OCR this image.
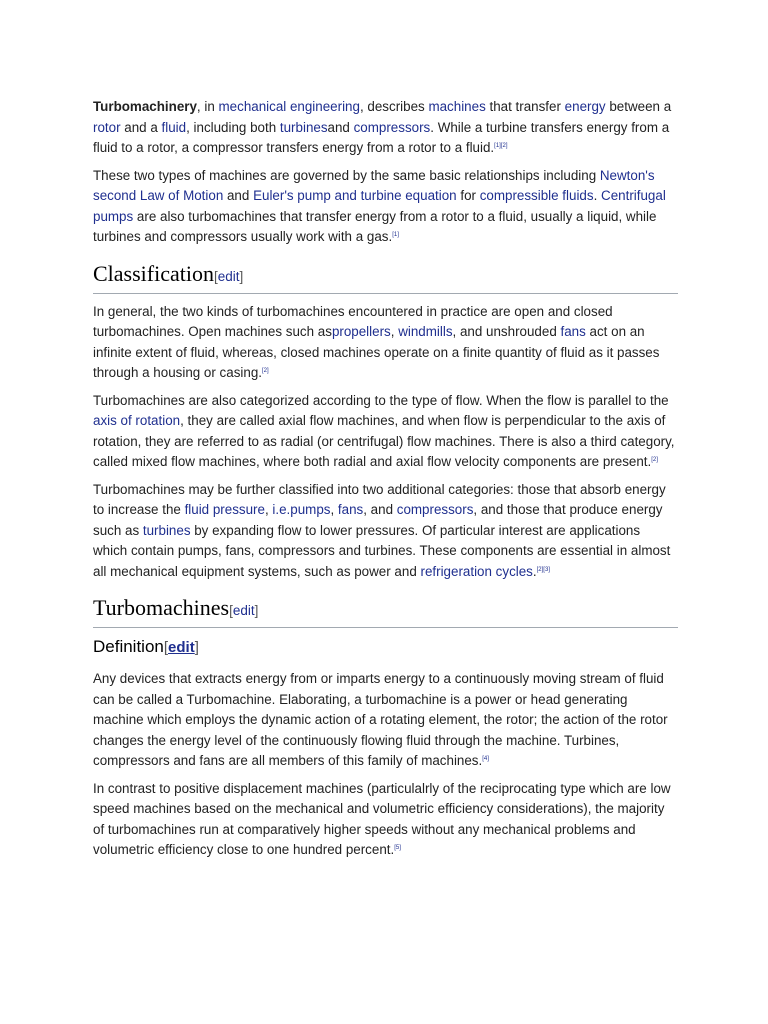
Turbomachinery, in mechanical engineering, describes machines that transfer energy between a rotor and a fluid, including both turbinesand compressors. While a turbine transfers energy from a fluid to a rotor, a compressor transfers energy from a rotor to a fluid.[1][2]

These two types of machines are governed by the same basic relationships including Newton's second Law of Motion and Euler's pump and turbine equation for compressible fluids. Centrifugal pumps are also turbomachines that transfer energy from a rotor to a fluid, usually a liquid, while turbines and compressors usually work with a gas.[1]

Classification[edit]

In general, the two kinds of turbomachines encountered in practice are open and closed turbomachines. Open machines such aspropellers, windmills, and unshrouded fans act on an infinite extent of fluid, whereas, closed machines operate on a finite quantity of fluid as it passes through a housing or casing.[2]

Turbomachines are also categorized according to the type of flow. When the flow is parallel to the axis of rotation, they are called axial flow machines, and when flow is perpendicular to the axis of rotation, they are referred to as radial (or centrifugal) flow machines. There is also a third category, called mixed flow machines, where both radial and axial flow velocity components are present.[2]

Turbomachines may be further classified into two additional categories: those that absorb energy to increase the fluid pressure, i.e.pumps, fans, and compressors, and those that produce energy such as turbines by expanding flow to lower pressures. Of particular interest are applications which contain pumps, fans, compressors and turbines. These components are essential in almost all mechanical equipment systems, such as power and refrigeration cycles.[2][3]

Turbomachines[edit]
Definition[edit]

Any devices that extracts energy from or imparts energy to a continuously moving stream of fluid can be called a Turbomachine. Elaborating, a turbomachine is a power or head generating machine which employs the dynamic action of a rotating element, the rotor; the action of the rotor changes the energy level of the continuously flowing fluid through the machine. Turbines, compressors and fans are all members of this family of machines.[4]

In contrast to positive displacement machines (particulalrly of the reciprocating type which are low speed machines based on the mechanical and volumetric efficiency considerations), the majority of turbomachines run at comparatively higher speeds without any mechanical problems and volumetric efficiency close to one hundred percent.[5]
